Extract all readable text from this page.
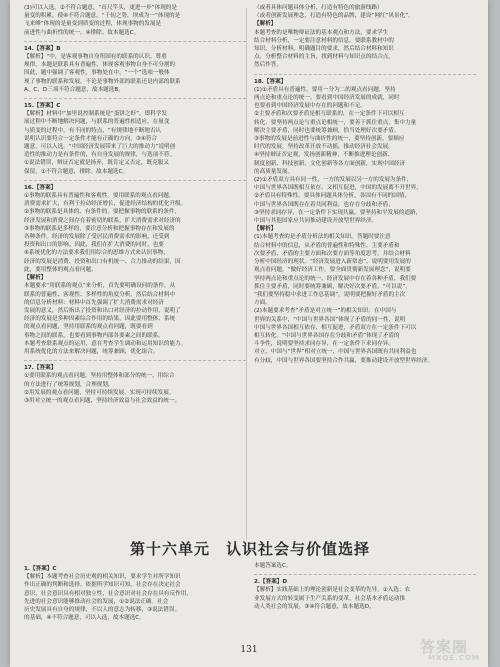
(3)可以入选。②不符合题意，“首尺竿头，更进一步”体现的是
量变的积累，使④不符合题意。“千仞之势，坝成为一”体现的是
飞来峰”体现的是量变到质变的过程，体现事物的发展是
前进性与曲折性的统一，④排除。故本题选C。
14.【答案】B
【解析】“中，是客观事物自身所固有的联系的认识，尊重
规律，本题是联系具有普遍性，体现客观事物自身不可分割的
因此，题中强调了客观性，事物处在中，“一个”选项一般体
现了事物的联系和发展，不论是事物外部的联系还是内部的联系
A、C、D三项不符合题意，故本题选B。
15.【答案】C
【解析】材料中“加里说控制系统是“蛋饼之虾”，即科学发
展过程中不断地解决问题，与联系的普遍性相适应，在量变
与质变的过程中，有不同的特点，“有规律地不断地否认
说明认识要符合一定条件才能有正确的方向，③④符合
题意，可以入选。“中国经济发展带来了巨大的推动力”说明创
造性的推动力是有条件的，有自身发展的规律，与选项不符。
①说法错误，辩证否定就是扬弃，既肯定又否定，既克服又
保留，①不符合题意，排除。故本题选C。
16.【答案】
①事物的联系具有普遍性和客观性。要用联系的观点看问题，
消费需求扩大，有利于拉动经济增长，促进经济结构的优化升级。
②事物的联系是具体的、有条件的。要把握事物的联系的条件，
经济发展和消费之间存在着密切的联系，扩大消费需求对经济的
③事物的联系是多样的，要注意分析和把握事物存在和发展的
各种条件。经济的发展除了受居民消费需求的影响，还受到
投资和出口的影响。因此，我们在扩大消费的同时，也要
④系统优化的方法要求我们用综合的思维方式来认识事物，
经济的发展是消费、投资和出口有机统一、合力推动的结果，因
此，要用整体的观点看问题。
【解析】
本题要求“用联系的观点”来分析，首先要明确设问的条件，从
联系的普遍性、客观性、多样性的角度分析，然后结合材料中
的信息分析材料：材料中首先强调了扩大消费需求对经济
发展的意义，然后指出了投资和出口对经济的拉动作用，说明了
经济的发展是多种因素综合作用的结果，因此要用整体、系统
的观点看问题，坚持用联系的观点看问题，既要看到
事物之间的联系，也要看到事物内部各要素之间的联系。
本题考查联系观点的运用，意在考查学生调动和运用知识的能力。
用系统优化的方法来解决问题，统筹兼顾，优化组合。
17.【答案】
①要用联系的观点看问题，坚持用整体和部分的统一，用综合
的方法进行了统筹规划，合理规划。
②用发展的观点看问题，坚持可持续发展，实现可持续发展。
③用对立统一的观点看问题，坚持经济效益与社会效益的统一。
（或者具体问题具体分析，打造有特色的旅游线路）
（或者创新发展理念，打造有特色的品牌，建设“网红”风景化”。
【解析】
本题考查的是唯物辩证法的基本观点和方法，要求学生
结合材料分析，一定要注意材料的信息，要联系教材中的
知识，分析材料，明确题目的要求，然后结合材料和知识
点，分析整合材料的主旨，找到材料与知识点的结合点。
然后作答。
18.【答案】
(1)①矛盾具有普遍性，要用一分为二的观点看问题，坚持
两点论和重点论的统一。要看到中国经济发展的成就，同时
也要看到中国经济发展中存在的问题和不足。
②主要矛盾和次要矛盾是相互联系的，在一定条件下可以相互
转化，要坚持两点论与重点论相统一，要善于抓住重点，集中力量
解决主要矛盾，同时也要统筹兼顾，恰当处理好次要矛盾。
③事物的发展是前进性与曲折性的统一，要坚持创新，要顺应
时代的发展，坚持改革开放不动摇，推动经济社会发展。
④坚持辩证否定观，发扬创新精神，不断推进理论创新、
制度创新、科技创新、文化创新等各方面创新，实现中国经济
的高质量发展。
(2)①矛盾双方具有同一性，一方的发展以另一方的发展为条件，
中国与世界各国既相互依存，又相互促进，中国的发展离不开世界，
②矛盾具有特殊性，要具体问题具体分析，各国有不同的国情，
中国与世界各国既存在着共同利益，也存在分歧和矛盾，
③坚持求同存异，在一定条件下实现共赢，要坚持和平发展的道路，
中国与其他国家应共同推动建设开放型世界经济。
【解析】
(1)本题考查的是矛盾分析法的相关知识。答题时要注意
结合材料中的信息，从矛盾的普遍性和特殊性、主要矛盾和
次要矛盾、矛盾的主要方面和次要方面等角度思考，并结合材料
分析中国经济的现状。“经济发展进入新常态”，说明要用发展的
观点看问题，“做好经济工作，要全面贯彻新发展理念”，说明要
坚持两点论和重点论的统一，经济发展中存在着各种矛盾，我们要
抓住主要矛盾，同时要统筹兼顾，解决好次要矛盾。“可以说”，
“我们要坚持稳中求进工作总基调”，说明要把握好矛盾的主次
方面。
(2)本题要求考查“矛盾是对立统一”的相关知识。在中国与
世界的关系中，“中国与世界各国”体现了矛盾的同一性，说明
中国与世界各国相互依存、相互促进，矛盾双方在一定条件下可以
相互转化。“中国与世界各国存在分歧和矛盾”体现了矛盾的
斗争性，说明要坚持求同存异，在一定条件下求同存异。
对立，中国与“世界”相对立统一，中国与世界各国既有共同利益也
有分歧，中国与世界各国要坚持合作共赢，要推动建设开放型世界经济。
第十六单元　认识社会与价值选择
1.【答案】C
【解析】本题考查社会历史观的相关知识，要求学生对所学知识
作出正确的判断和选择。依据所学知识可知，社会存在决定社会
意识，社会意识具有相对独立性，社会意识对社会存在具有反作用，
先进的社会意识能够推动社会的发展，①②说法正确。社会
历史发展具有自身的规律，不以人的意志为转移，③说法错误。
的基础，④不符合题意，可以入选，故本题选C。
本题答案选C。
2.【答案】D
【解析】实践基础上的理论创新是社会变革的先导，①入选；农
业发展方式的转变属于生产关系的变革，社会基本矛盾运动推
动人类社会的发展。③④符合题意，故本题选D。
131	答案圈
MXQE.COM
